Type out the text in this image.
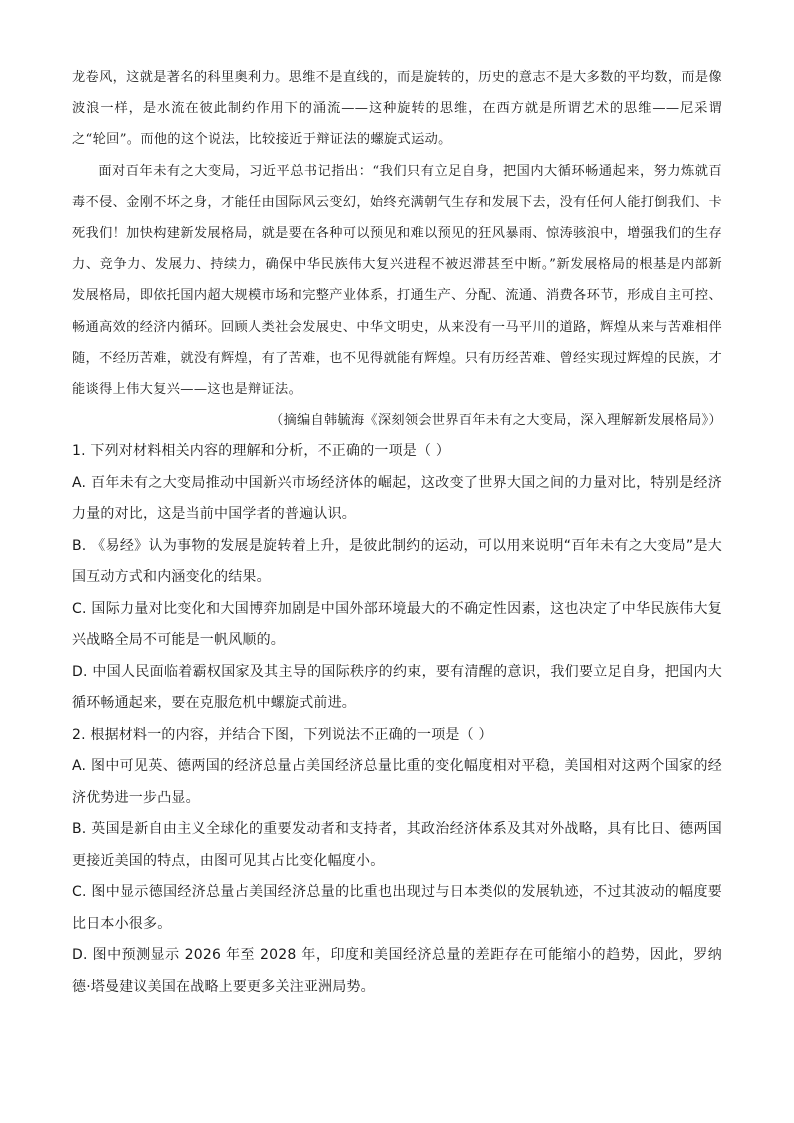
龙卷风，这就是著名的科里奥利力。思维不是直线的，而是旋转的，历史的意志不是大多数的平均数，而是像波浪一样，是水流在彼此制约作用下的涌流——这种旋转的思维，在西方就是所谓艺术的思维——尼采谓之“轮回”。而他的这个说法，比较接近于辩证法的螺旋式运动。

面对百年未有之大变局，习近平总书记指出：“我们只有立足自身，把国内大循环畅通起来，努力炼就百毒不侵、金刚不坏之身，才能任由国际风云变幻，始终充满朝气生存和发展下去，没有任何人能打倒我们、卡死我们！加快构建新发展格局，就是要在各种可以预见和难以预见的狂风暴雨、惊涛骇浪中，增强我们的生存力、竞争力、发展力、持续力，确保中华民族伟大复兴进程不被迟滞甚至中断。”新发展格局的根基是内部新发展格局，即依托国内超大规模市场和完整产业体系，打通生产、分配、流通、消费各环节，形成自主可控、畅通高效的经济内循环。回顾人类社会发展史、中华文明史，从来没有一马平川的道路，辉煌从来与苦难相伴随，不经历苦难，就没有辉煌，有了苦难，也不见得就能有辉煌。只有历经苦难、曾经实现过辉煌的民族，才能谈得上伟大复兴——这也是辩证法。

（摘编自韩毓海《深刻领会世界百年未有之大变局，深入理解新发展格局》）

1. 下列对材料相关内容的理解和分析，不正确的一项是（ ）

A. 百年未有之大变局推动中国新兴市场经济体的崛起，这改变了世界大国之间的力量对比，特别是经济力量的对比，这是当前中国学者的普遍认识。

B. 《易经》认为事物的发展是旋转着上升，是彼此制约的运动，可以用来说明“百年未有之大变局”是大国互动方式和内涵变化的结果。

C. 国际力量对比变化和大国博弈加剧是中国外部环境最大的不确定性因素，这也决定了中华民族伟大复兴战略全局不可能是一帆风顺的。

D. 中国人民面临着霸权国家及其主导的国际秩序的约束，要有清醒的意识，我们要立足自身，把国内大循环畅通起来，要在克服危机中螺旋式前进。

2. 根据材料一的内容，并结合下图，下列说法不正确的一项是（ ）

A. 图中可见英、德两国的经济总量占美国经济总量比重的变化幅度相对平稳，美国相对这两个国家的经济优势进一步凸显。

B. 英国是新自由主义全球化的重要发动者和支持者，其政治经济体系及其对外战略，具有比日、德两国更接近美国的特点，由图可见其占比变化幅度小。

C. 图中显示德国经济总量占美国经济总量的比重也出现过与日本类似的发展轨迹，不过其波动的幅度要比日本小很多。

D. 图中预测显示 2026 年至 2028 年，印度和美国经济总量的差距存在可能缩小的趋势，因此，罗纳德·塔曼建议美国在战略上要更多关注亚洲局势。
